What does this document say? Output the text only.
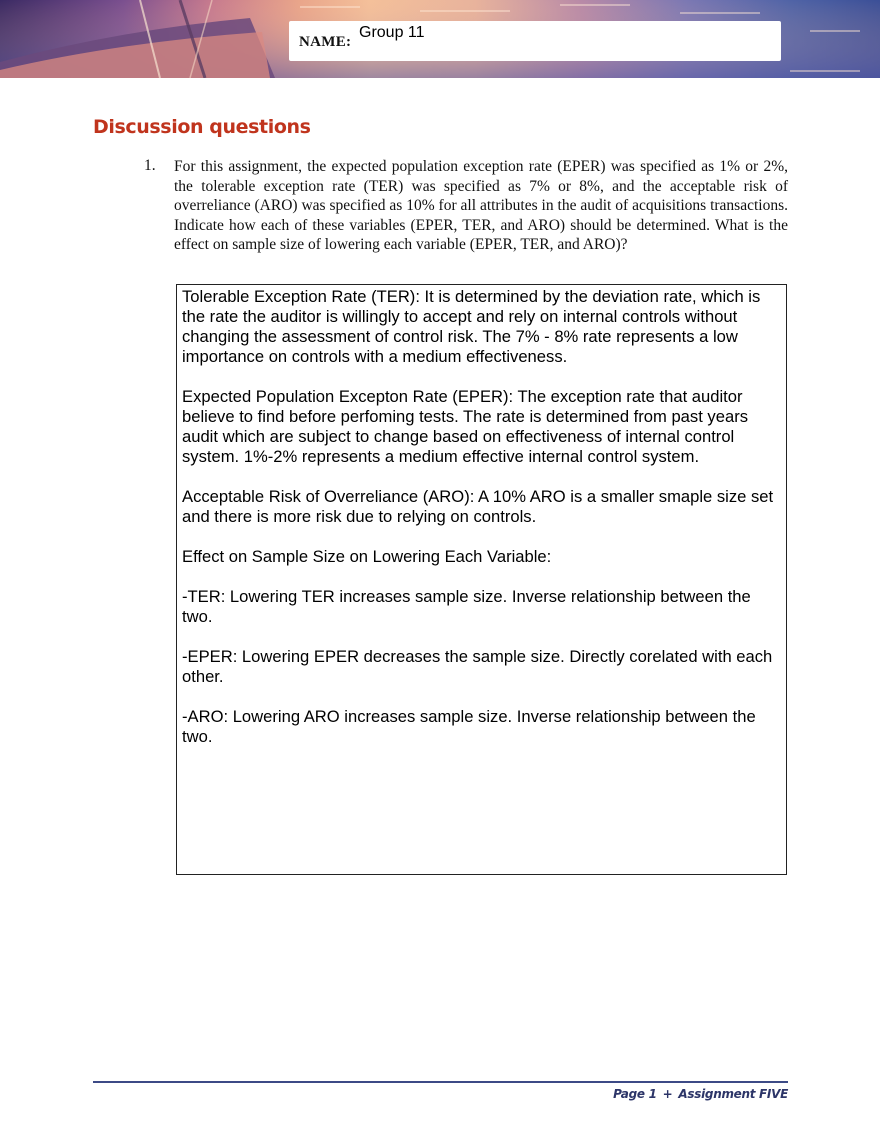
NAME:
Group 11
Discussion questions
1. For this assignment, the expected population exception rate (EPER) was specified as 1% or 2%, the tolerable exception rate (TER) was specified as 7% or 8%, and the acceptable risk of overreliance (ARO) was specified as 10% for all attributes in the audit of acquisitions transactions. Indicate how each of these variables (EPER, TER, and ARO) should be determined. What is the effect on sample size of lowering each variable (EPER, TER, and ARO)?

Tolerable Exception Rate (TER): It is determined by the deviation rate, which is the rate the auditor is willingly to accept and rely on internal controls without changing the assessment of control risk. The 7% - 8% rate represents a low importance on controls with a medium effectiveness.

Expected Population Excepton Rate (EPER): The exception rate that auditor believe to find before perfoming tests. The rate is determined from past years audit which are subject to change based on effectiveness of internal control system. 1%-2% represents a medium effective internal control system.

Acceptable Risk of Overreliance (ARO): A 10% ARO is a smaller smaple size set and there is more risk due to relying on controls.

Effect on Sample Size on Lowering Each Variable:

-TER: Lowering TER increases sample size. Inverse relationship between the two.

-EPER: Lowering EPER decreases the sample size. Directly corelated with each other.

-ARO: Lowering ARO increases sample size. Inverse relationship between the two.

Page 1 + Assignment FIVE
